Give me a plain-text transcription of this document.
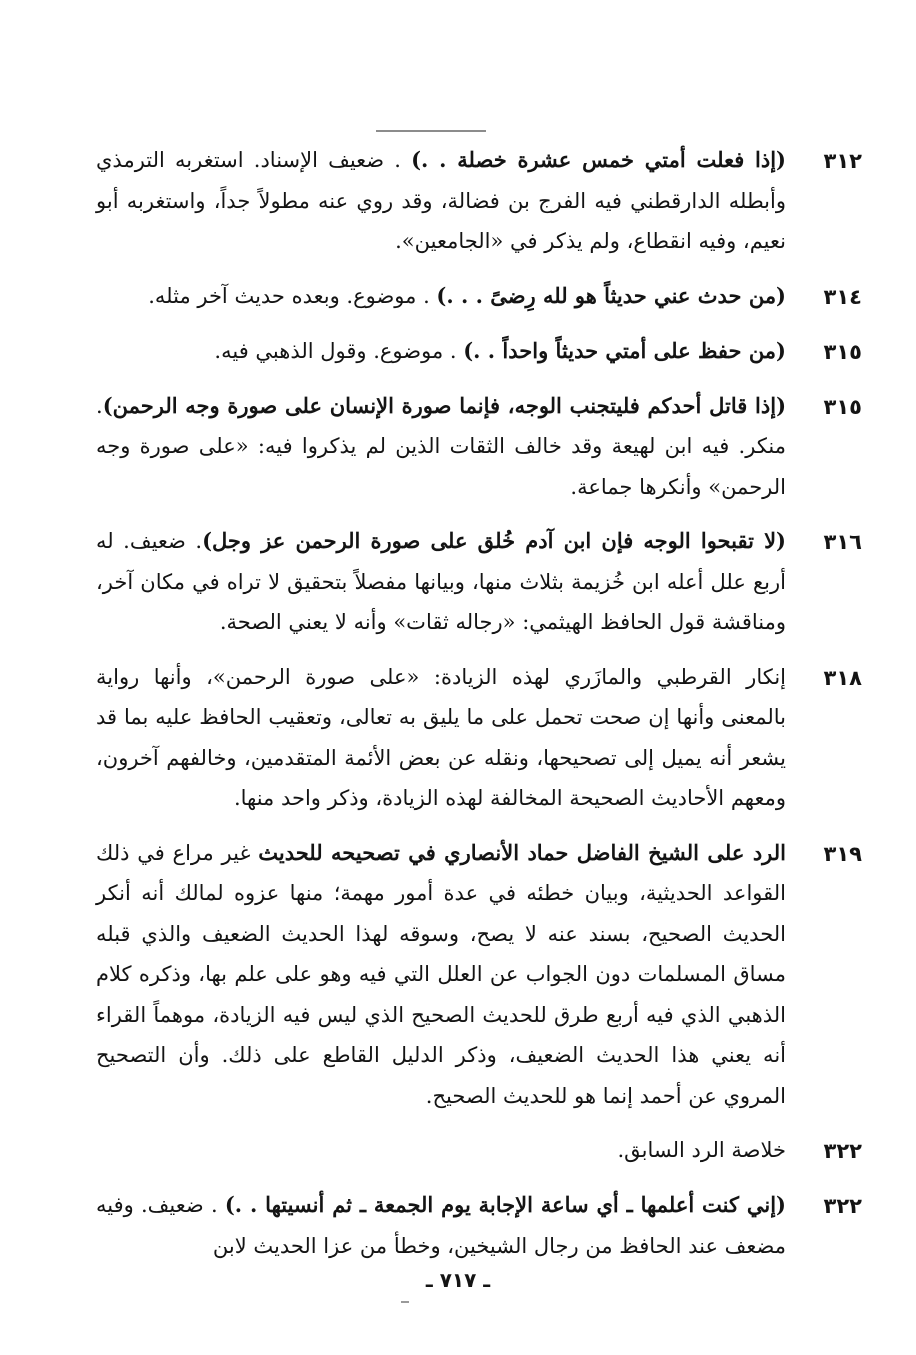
٣١٢
(إذا فعلت أمتي خمس عشرة خصلة . .) . ضعيف الإسناد. استغربه الترمذي وأبطله الدارقطني فيه الفرج بن فضالة، وقد روي عنه مطولاً جداً، واستغربه أبو نعيم، وفيه انقطاع، ولم يذكر في «الجامعين».
٣١٤
(من حدث عني حديثاً هو لله رِضىً . . .) . موضوع. وبعده حديث آخر مثله.
٣١٥
(من حفظ على أمتي حديثاً واحداً . .) . موضوع. وقول الذهبي فيه.
٣١٥
(إذا قاتل أحدكم فليتجنب الوجه، فإنما صورة الإنسان على صورة وجه الرحمن). منكر. فيه ابن لهيعة وقد خالف الثقات الذين لم يذكروا فيه: «على صورة وجه الرحمن» وأنكرها جماعة.
٣١٦
(لا تقبحوا الوجه فإن ابن آدم خُلق على صورة الرحمن عز وجل). ضعيف. له أربع علل أعله ابن خُزيمة بثلاث منها، وبيانها مفصلاً بتحقيق لا تراه في مكان آخر، ومناقشة قول الحافظ الهيثمي: «رجاله ثقات» وأنه لا يعني الصحة.
٣١٨
إنكار القرطبي والمازَري لهذه الزيادة: «على صورة الرحمن»، وأنها رواية بالمعنى وأنها إن صحت تحمل على ما يليق به تعالى، وتعقيب الحافظ عليه بما قد يشعر أنه يميل إلى تصحيحها، ونقله عن بعض الأئمة المتقدمين، وخالفهم آخرون، ومعهم الأحاديث الصحيحة المخالفة لهذه الزيادة، وذكر واحد منها.
٣١٩
الرد على الشيخ الفاضل حماد الأنصاري في تصحيحه للحديث غير مراع في ذلك القواعد الحديثية، وبيان خطئه في عدة أمور مهمة؛ منها عزوه لمالك أنه أنكر الحديث الصحيح، بسند عنه لا يصح، وسوقه لهذا الحديث الضعيف والذي قبله مساق المسلمات دون الجواب عن العلل التي فيه وهو على علم بها، وذكره كلام الذهبي الذي فيه أربع طرق للحديث الصحيح الذي ليس فيه الزيادة، موهماً القراء أنه يعني هذا الحديث الضعيف، وذكر الدليل القاطع على ذلك. وأن التصحيح المروي عن أحمد إنما هو للحديث الصحيح.
٣٢٢
خلاصة الرد السابق.
٣٢٢
(إني كنت أعلمها ـ أي ساعة الإجابة يوم الجمعة ـ ثم أنسيتها . .) . ضعيف. وفيه مضعف عند الحافظ من رجال الشيخين، وخطأ من عزا الحديث لابن
ـ ٧١٧ ـ
